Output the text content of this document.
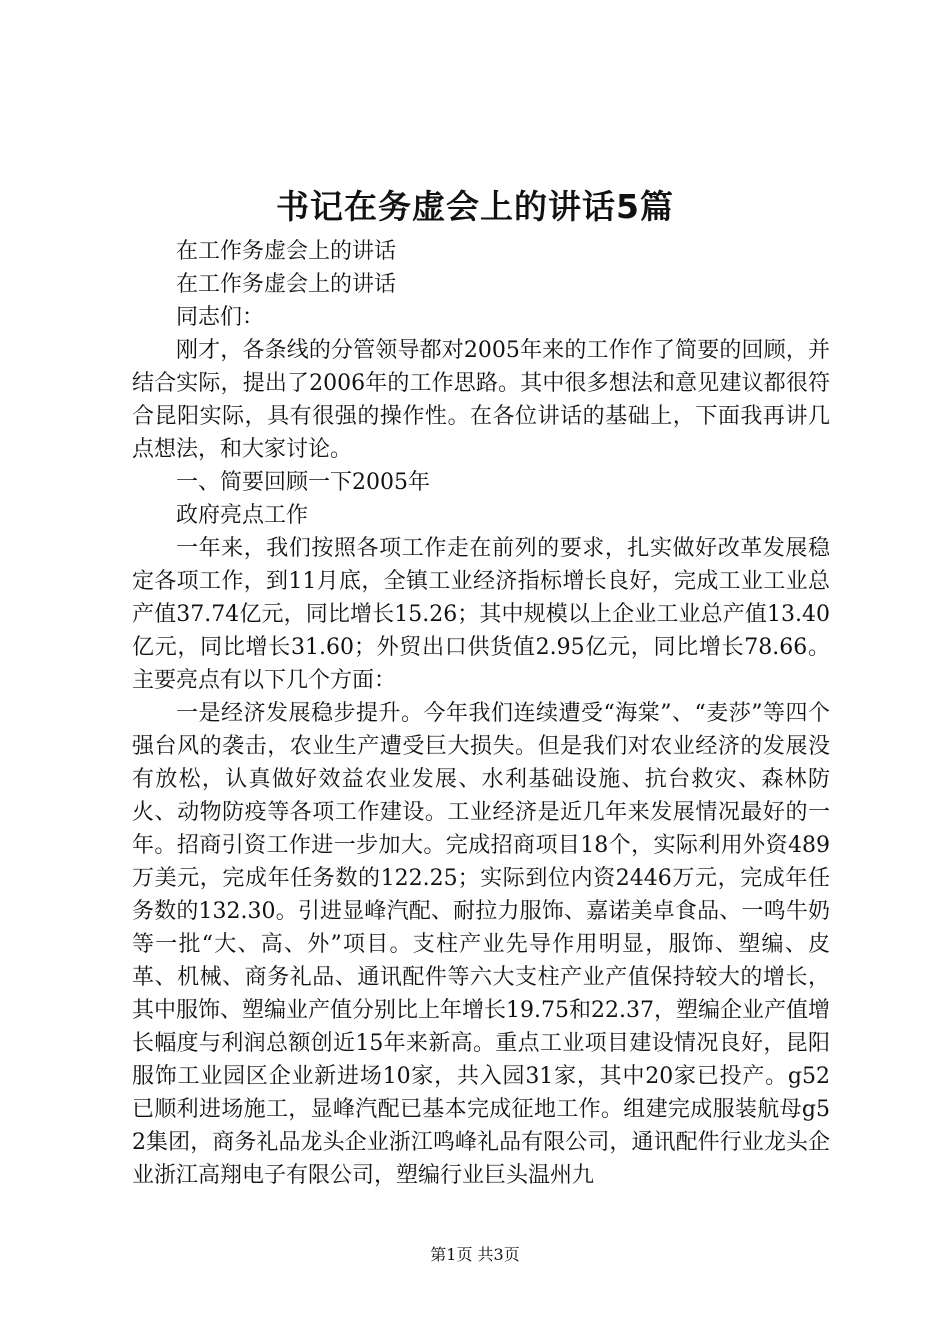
书记在务虚会上的讲话5篇

在工作务虚会上的讲话

在工作务虚会上的讲话

同志们：

刚才，各条线的分管领导都对2005年来的工作作了简要的回顾，并结合实际，提出了2006年的工作思路。其中很多想法和意见建议都很符合昆阳实际，具有很强的操作性。在各位讲话的基础上，下面我再讲几点想法，和大家讨论。

一、简要回顾一下2005年

政府亮点工作

一年来，我们按照各项工作走在前列的要求，扎实做好改革发展稳定各项工作，到11月底，全镇工业经济指标增长良好，完成工业工业总产值37.74亿元，同比增长15.26；其中规模以上企业工业总产值13.40亿元，同比增长31.60；外贸出口供货值2.95亿元，同比增长78.66。主要亮点有以下几个方面：

一是经济发展稳步提升。今年我们连续遭受“海棠”、“麦莎”等四个强台风的袭击，农业生产遭受巨大损失。但是我们对农业经济的发展没有放松，认真做好效益农业发展、水利基础设施、抗台救灾、森林防火、动物防疫等各项工作建设。工业经济是近几年来发展情况最好的一年。招商引资工作进一步加大。完成招商项目18个，实际利用外资489万美元，完成年任务数的122.25；实际到位内资2446万元，完成年任务数的132.30。引进显峰汽配、耐拉力服饰、嘉诺美卓食品、一鸣牛奶等一批“大、高、外”项目。支柱产业先导作用明显，服饰、塑编、皮革、机械、商务礼品、通讯配件等六大支柱产业产值保持较大的增长，其中服饰、塑编业产值分别比上年增长19.75和22.37，塑编企业产值增长幅度与利润总额创近15年来新高。重点工业项目建设情况良好，昆阳服饰工业园区企业新进场10家，共入园31家，其中20家已投产。g52已顺利进场施工，显峰汽配已基本完成征地工作。组建完成服装航母g52集团，商务礼品龙头企业浙江鸣峰礼品有限公司，通讯配件行业龙头企业浙江高翔电子有限公司，塑编行业巨头温州九

第1页 共3页
